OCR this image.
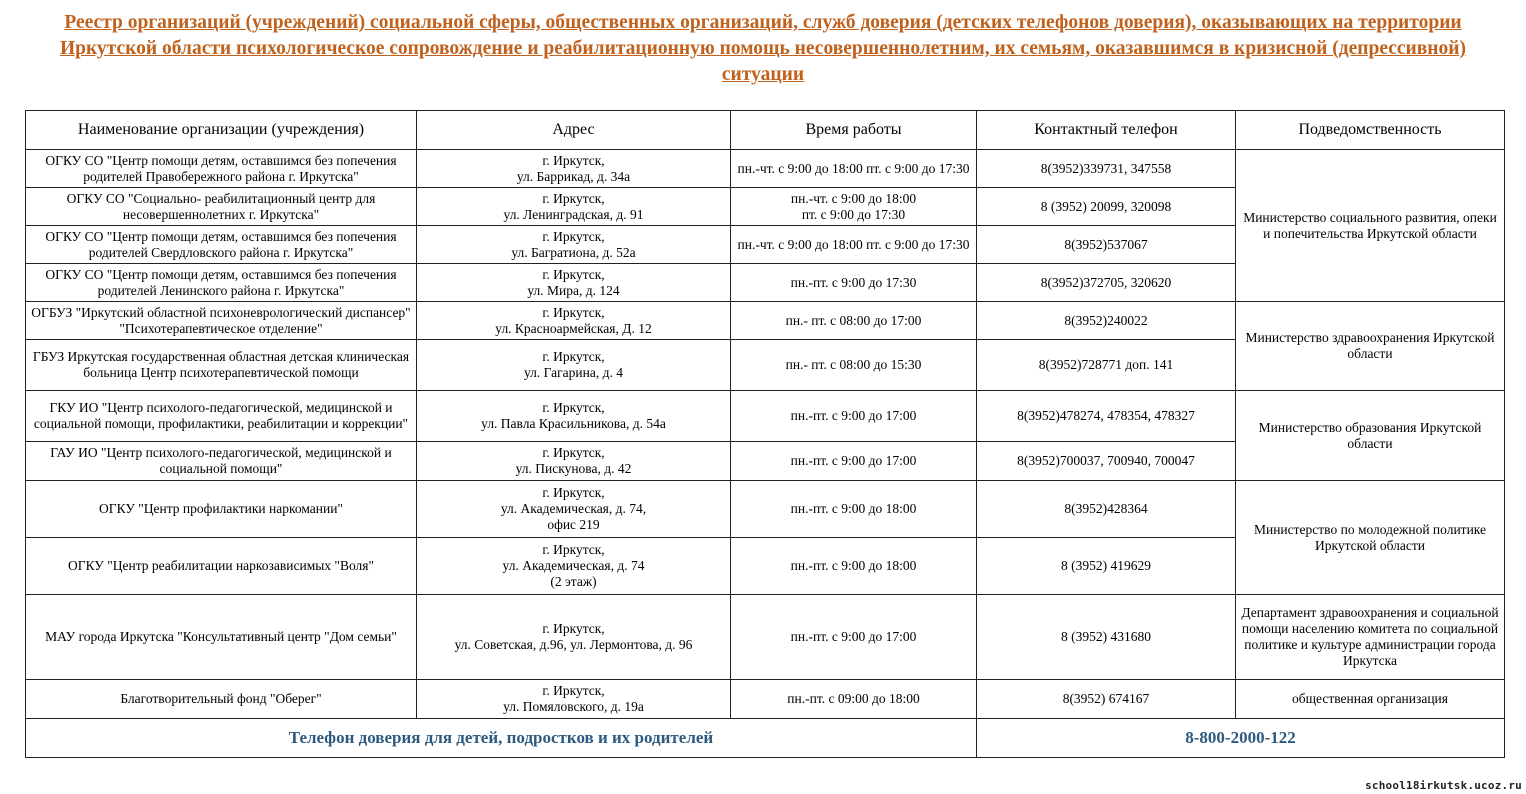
Реестр организаций (учреждений) социальной сферы, общественных организаций, служб доверия (детских телефонов доверия), оказывающих на территории Иркутской области психологическое сопровождение и реабилитационную помощь несовершеннолетним, их семьям, оказавшимся в кризисной (депрессивной) ситуации
Наименование организации (учреждения)	Адрес	Время работы	Контактный телефон	Подведомственность
ОГКУ СО "Центр помощи детям, оставшимся без попечения родителей Правобережного района г. Иркутска"	г. Иркутск,
ул. Баррикад, д. 34а	пн.-чт. с 9:00 до 18:00 пт. с 9:00 до 17:30	8(3952)339731, 347558	Министерство социального развития, опеки и попечительства Иркутской области
ОГКУ СО "Социально- реабилитационный центр для несовершеннолетних г. Иркутска"	г. Иркутск,
ул. Ленинградская, д. 91	пн.-чт. с 9:00 до 18:00
пт. с 9:00 до 17:30	8 (3952) 20099, 320098	
ОГКУ СО "Центр помощи детям, оставшимся без попечения родителей Свердловского района г. Иркутска"	г. Иркутск,
ул. Багратиона, д. 52а	пн.-чт. с 9:00 до 18:00 пт. с 9:00 до 17:30	8(3952)537067	
ОГКУ СО "Центр помощи детям, оставшимся без попечения родителей Ленинского района г. Иркутска"	г. Иркутск,
ул. Мира, д. 124	пн.-пт. с 9:00 до 17:30	8(3952)372705, 320620	
ОГБУЗ "Иркутский областной психоневрологический диспансер" "Психотерапевтическое отделение"	г. Иркутск,
ул. Красноармейская, Д. 12	пн.- пт. с 08:00 до 17:00	8(3952)240022	Министерство здравоохранения Иркутской области
ГБУЗ Иркутская государственная областная детская клиническая больница Центр психотерапевтической помощи	г. Иркутск,
ул. Гагарина, д. 4	пн.- пт. с 08:00 до 15:30	8(3952)728771 доп. 141	
ГКУ ИО "Центр психолого-педагогической, медицинской и социальной помощи, профилактики, реабилитации и коррекции"	г. Иркутск,
ул. Павла Красильникова, д. 54а	пн.-пт. с 9:00 до 17:00	8(3952)478274, 478354, 478327	Министерство образования Иркутской области
ГАУ ИО "Центр психолого-педагогической, медицинской и социальной помощи"	г. Иркутск,
ул. Пискунова, д. 42	пн.-пт. с 9:00 до 17:00	8(3952)700037, 700940, 700047	
ОГКУ "Центр профилактики наркомании"	г. Иркутск,
ул. Академическая, д. 74,
офис 219	пн.-пт. с 9:00 до 18:00	8(3952)428364	Министерство по молодежной политике Иркутской области
ОГКУ "Центр реабилитации наркозависимых "Воля"	г. Иркутск,
ул. Академическая, д. 74
(2 этаж)	пн.-пт. с 9:00 до 18:00	8 (3952) 419629	
МАУ города Иркутска "Консультативный центр "Дом семьи"	г. Иркутск,
ул. Советская, д.96, ул. Лермонтова, д. 96	пн.-пт. с 9:00 до 17:00	8 (3952) 431680	Департамент здравоохранения и социальной помощи населению комитета по социальной политике и культуре администрации города Иркутска
Благотворительный фонд "Оберег"	г. Иркутск,
ул. Помяловского, д. 19а	пн.-пт. с 09:00 до 18:00	8(3952) 674167	общественная организация
Телефон доверия для детей, подростков и их родителей			8-800-2000-122	
school18irkutsk.ucoz.ru
